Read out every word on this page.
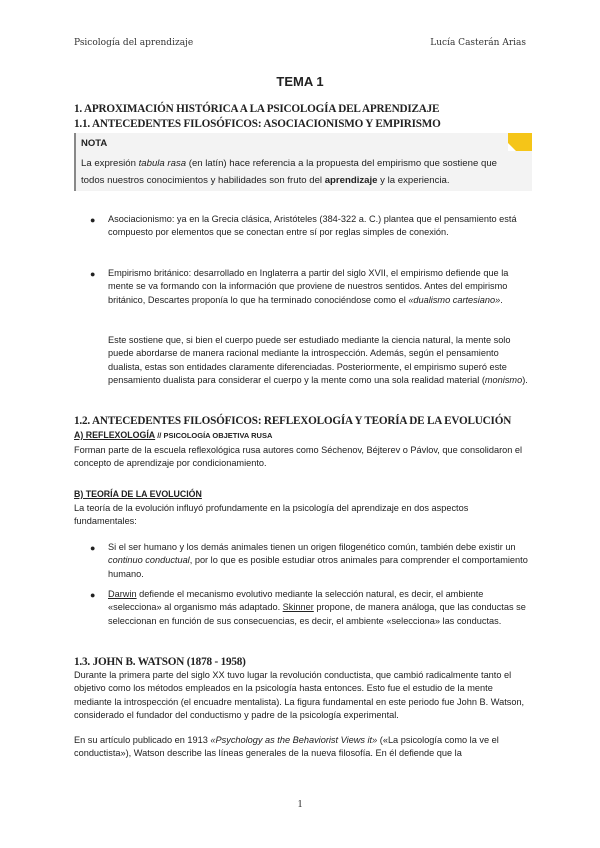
Psicología del aprendizaje	Lucía Casterán Arias
TEMA 1
1. APROXIMACIÓN HISTÓRICA A LA PSICOLOGÍA DEL APRENDIZAJE
1.1. ANTECEDENTES FILOSÓFICOS: ASOCIACIONISMO Y EMPIRISMO
NOTA
La expresión tabula rasa (en latín) hace referencia a la propuesta del empirismo que sostiene que todos nuestros conocimientos y habilidades son fruto del aprendizaje y la experiencia.
● Asociacionismo: ya en la Grecia clásica, Aristóteles (384-322 a. C.) plantea que el pensamiento está compuesto por elementos que se conectan entre sí por reglas simples de conexión.
● Empirismo británico: desarrollado en Inglaterra a partir del siglo XVII, el empirismo defiende que la mente se va formando con la información que proviene de nuestros sentidos. Antes del empirismo británico, Descartes proponía lo que ha terminado conociéndose como el «dualismo cartesiano».
Este sostiene que, si bien el cuerpo puede ser estudiado mediante la ciencia natural, la mente solo puede abordarse de manera racional mediante la introspección. Además, según el pensamiento dualista, estas son entidades claramente diferenciadas. Posteriormente, el empirismo superó este pensamiento dualista para considerar el cuerpo y la mente como una sola realidad material (monismo).
1.2. ANTECEDENTES FILOSÓFICOS: REFLEXOLOGÍA Y TEORÍA DE LA EVOLUCIÓN
A) REFLEXOLOGÍA // PSICOLOGÍA OBJETIVA RUSA
Forman parte de la escuela reflexológica rusa autores como Séchenov, Béjterev o Pávlov, que consolidaron el concepto de aprendizaje por condicionamiento.
B) TEORÍA DE LA EVOLUCIÓN
La teoría de la evolución influyó profundamente en la psicología del aprendizaje en dos aspectos fundamentales:
● Si el ser humano y los demás animales tienen un origen filogenético común, también debe existir un continuo conductual, por lo que es posible estudiar otros animales para comprender el comportamiento humano.
● Darwin defiende el mecanismo evolutivo mediante la selección natural, es decir, el ambiente «selecciona» al organismo más adaptado. Skinner propone, de manera análoga, que las conductas se seleccionan en función de sus consecuencias, es decir, el ambiente «selecciona» las conductas.
1.3. JOHN B. WATSON (1878 - 1958)
Durante la primera parte del siglo XX tuvo lugar la revolución conductista, que cambió radicalmente tanto el objetivo como los métodos empleados en la psicología hasta entonces. Esto fue el estudio de la mente mediante la introspección (el encuadre mentalista). La figura fundamental en este periodo fue John B. Watson, considerado el fundador del conductismo y padre de la psicología experimental.
En su artículo publicado en 1913 «Psychology as the Behaviorist Views it» («La psicología como la ve el conductista»), Watson describe las líneas generales de la nueva filosofía. En él defiende que la
1
